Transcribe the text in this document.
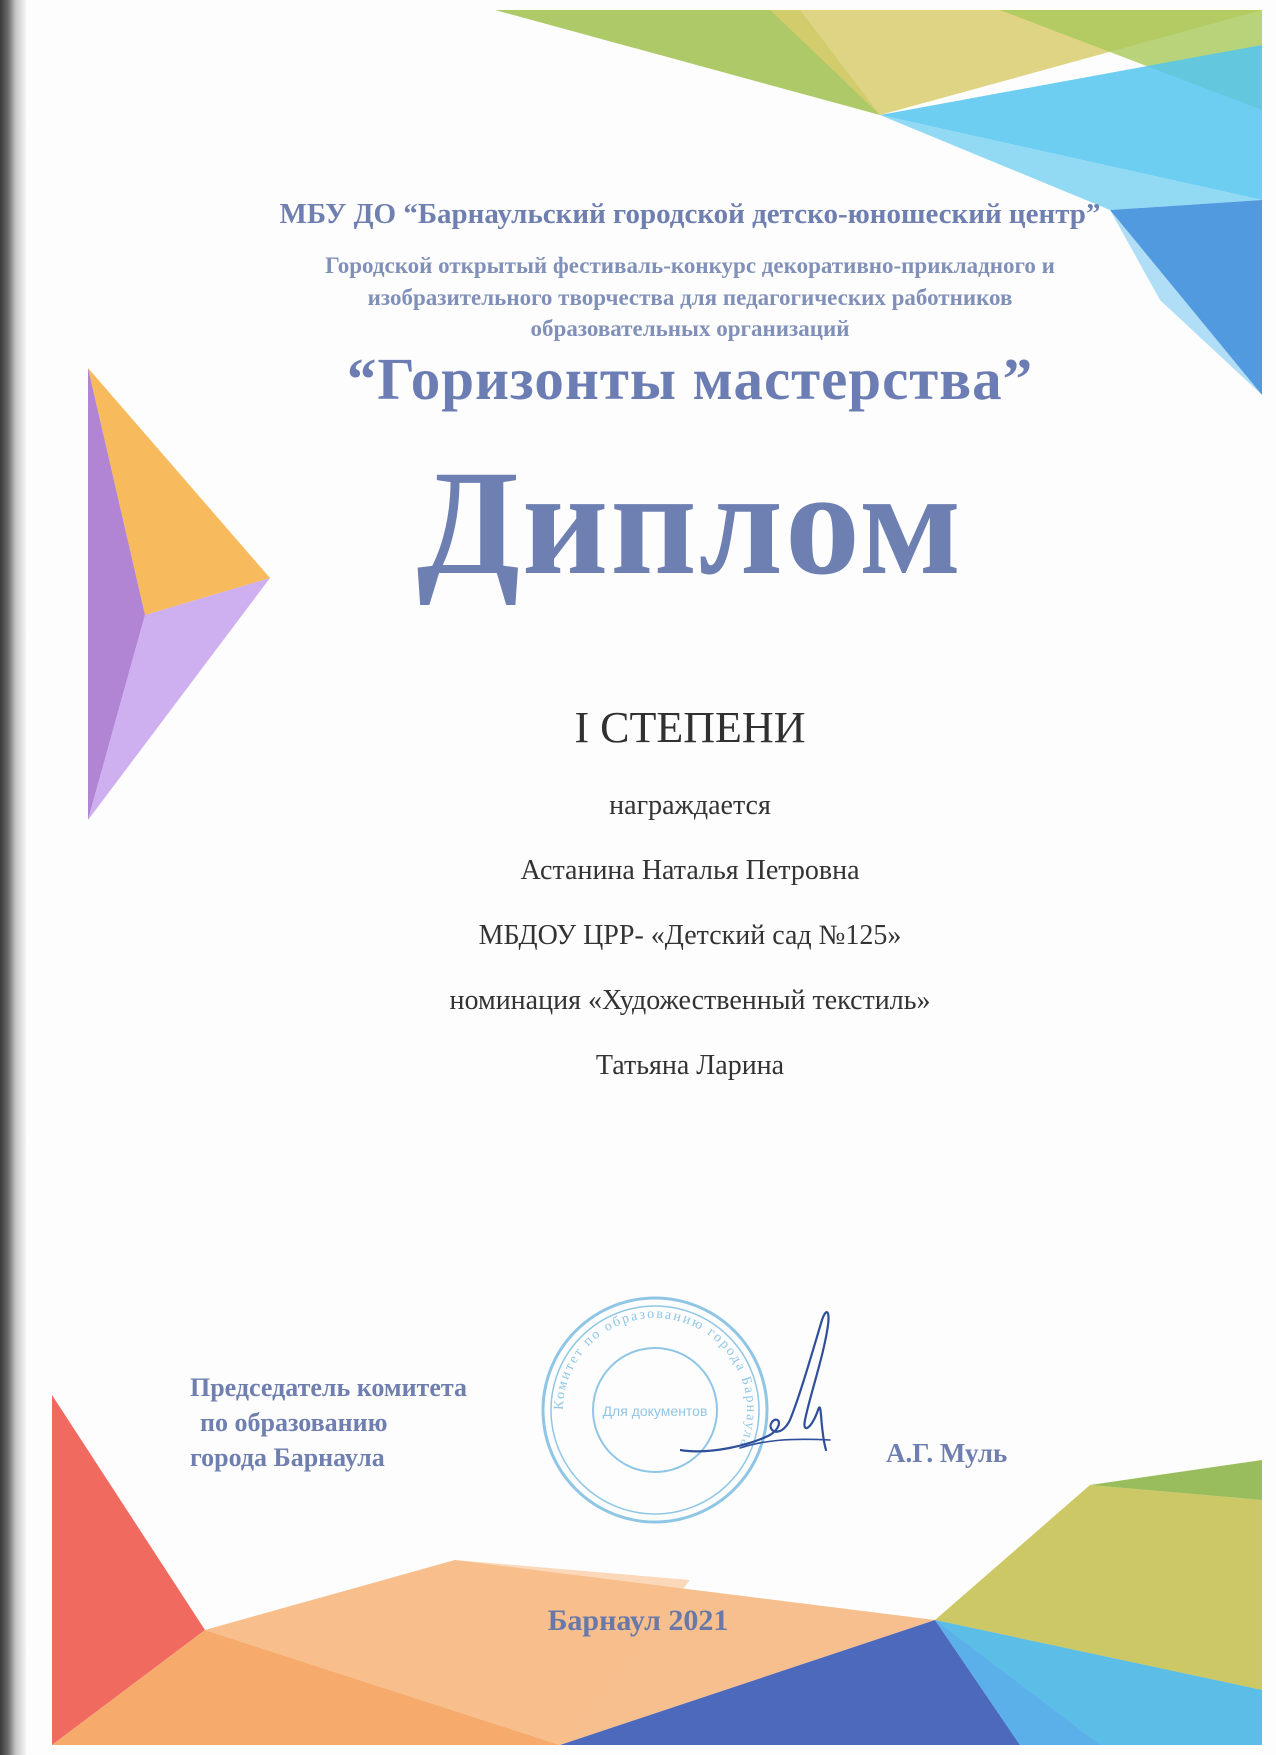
МБУ ДО “Барнаульский городской детско-юношеский центр”
Городской открытый фестиваль-конкурс декоративно-прикладного и
изобразительного творчества для педагогических работников
образовательных организаций
“Горизонты мастерства”
Диплом
I СТЕПЕНИ
награждается
Астанина Наталья Петровна
МБДОУ ЦРР- «Детский сад №125»
номинация «Художественный текстиль»
Татьяна Ларина
Председатель комитета
по образованию
города Барнаула
Комитет по образованию города Барнаула
Для документов
А.Г. Муль
Барнаул 2021
